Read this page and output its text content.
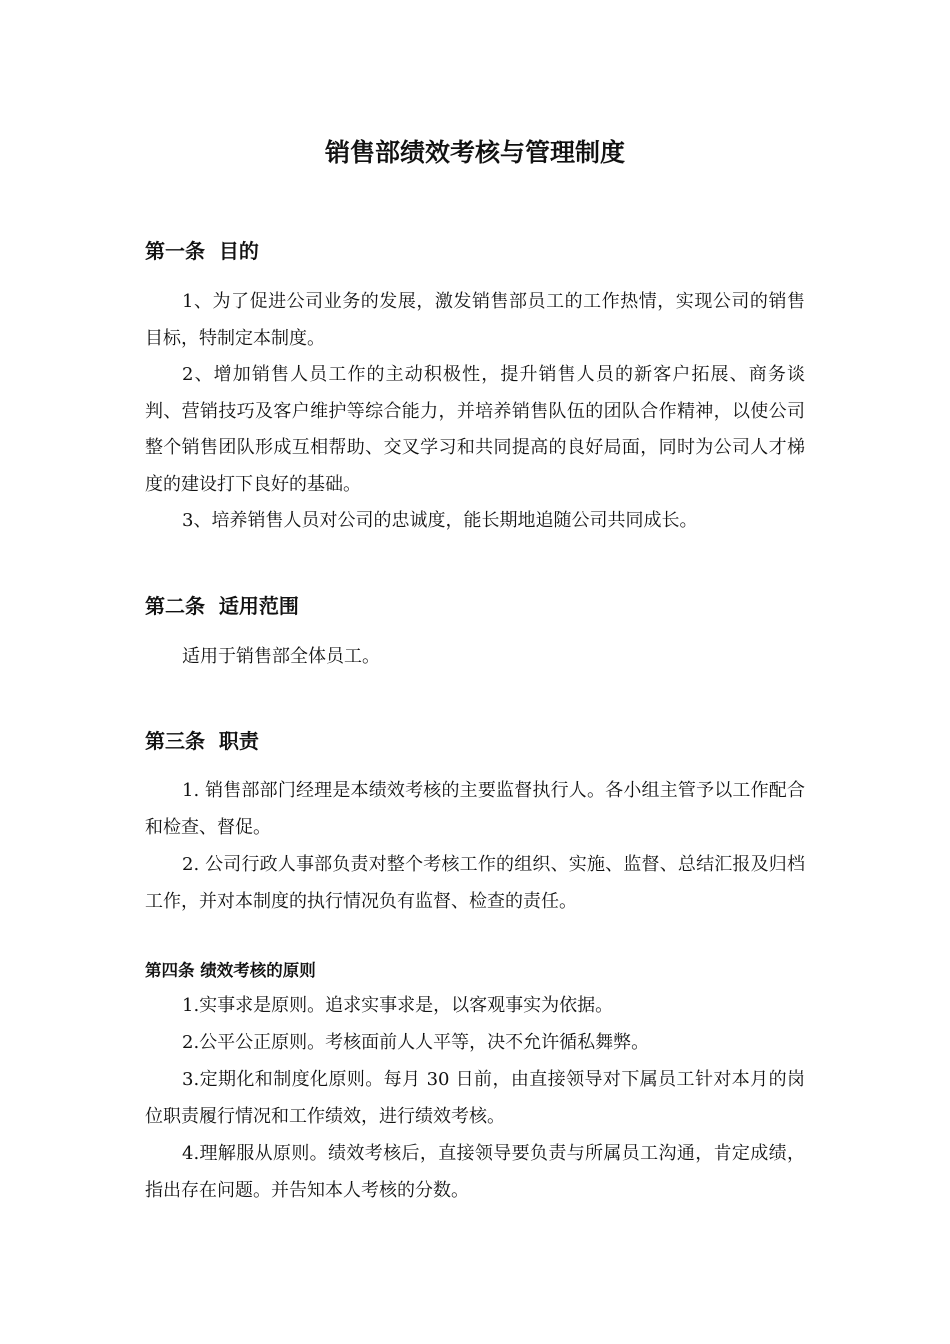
销售部绩效考核与管理制度
第一条  目的
1、为了促进公司业务的发展，激发销售部员工的工作热情，实现公司的销售目标，特制定本制度。
2、增加销售人员工作的主动积极性，提升销售人员的新客户拓展、商务谈判、营销技巧及客户维护等综合能力，并培养销售队伍的团队合作精神，以使公司整个销售团队形成互相帮助、交叉学习和共同提高的良好局面，同时为公司人才梯度的建设打下良好的基础。
3、培养销售人员对公司的忠诚度，能长期地追随公司共同成长。
第二条  适用范围
适用于销售部全体员工。
第三条  职责
1. 销售部部门经理是本绩效考核的主要监督执行人。各小组主管予以工作配合和检查、督促。
2. 公司行政人事部负责对整个考核工作的组织、实施、监督、总结汇报及归档工作，并对本制度的执行情况负有监督、检查的责任。
第四条 绩效考核的原则
1.实事求是原则。追求实事求是，以客观事实为依据。
2.公平公正原则。考核面前人人平等，决不允许循私舞弊。
3.定期化和制度化原则。每月 30 日前，由直接领导对下属员工针对本月的岗位职责履行情况和工作绩效，进行绩效考核。
4.理解服从原则。绩效考核后，直接领导要负责与所属员工沟通，肯定成绩，指出存在问题。并告知本人考核的分数。
